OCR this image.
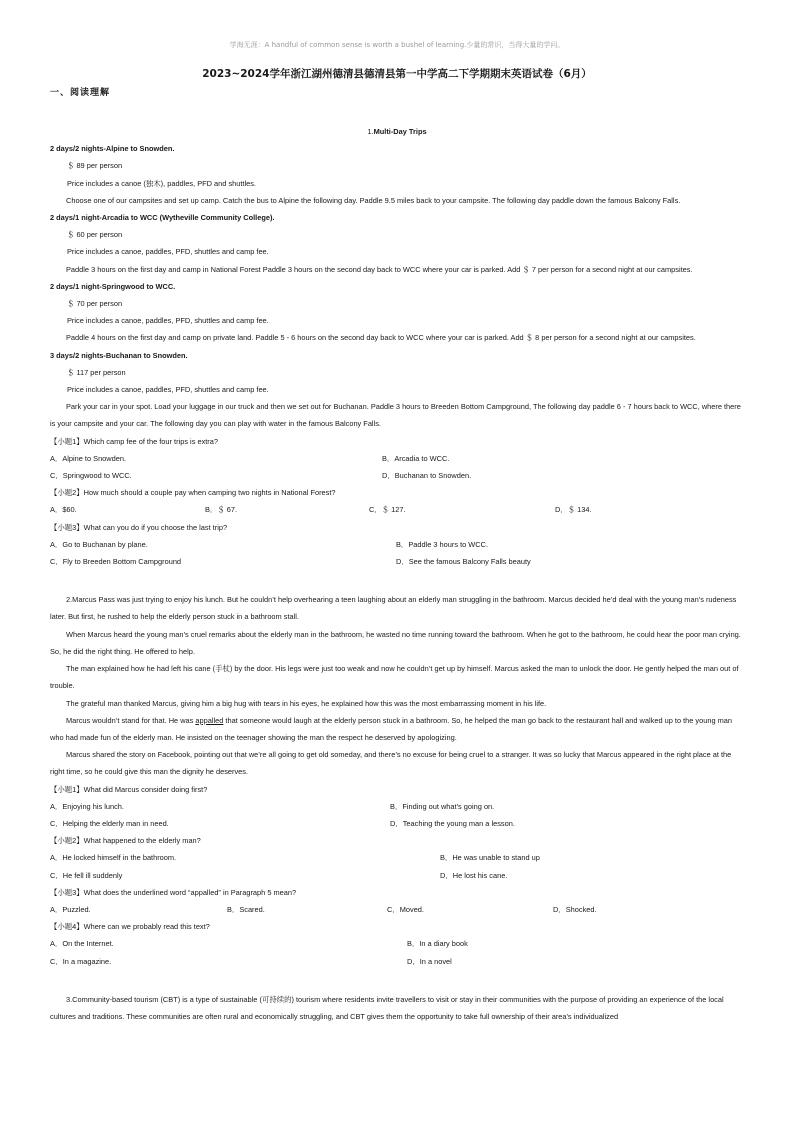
学海无涯：A handful of common sense is worth a bushel of learning.少量的常识，当得大量的学问。
2023~2024学年浙江湖州德清县德清县第一中学高二下学期期末英语试卷（6月）
一、阅读理解

1.Multi-Day Trips

2 days/2 nights-Alpine to Snowden.

＄ 89 per person

Price includes a canoe (独木), paddles, PFD and shuttles.

Choose one of our campsites and set up camp. Catch the bus to Alpine the following day. Paddle 9.5 miles back to your campsite. The following day paddle down the famous Balcony Falls.

2 days/1 night-Arcadia to WCC (Wytheville Community College).

＄ 60 per person

Price includes a canoe, paddles, PFD, shuttles and camp fee.

Paddle 3 hours on the first day and camp in National Forest Paddle 3 hours on the second day back to WCC where your car is parked. Add ＄ 7 per person for a second night at our campsites.

2 days/1 night-Springwood to WCC.

＄ 70 per person

Price includes a canoe, paddles, PFD, shuttles and camp fee.

Paddle 4 hours on the first day and camp on private land. Paddle 5 - 6 hours on the second day back to WCC where your car is parked. Add ＄ 8 per person for a second night at our campsites.

3 days/2 nights-Buchanan to Snowden.

＄ 117 per person

Price includes a canoe, paddles, PFD, shuttles and camp fee.

Park your car in your spot. Load your luggage in our truck and then we set out for Buchanan. Paddle 3 hours to Breeden Bottom Campground, The following day paddle 6 - 7 hours back to WCC, where there is your campsite and your car. The following day you can play with water in the famous Balcony Falls.

【小题1】Which camp fee of the four trips is extra?

A．Alpine to Snowden.	B．Arcadia to WCC.
C．Springwood to WCC.	D．Buchanan to Snowden.

【小题2】How much should a couple pay when camping two nights in National Forest?

A．$60.	B．＄ 67.	C．＄ 127.	D．＄ 134.

【小题3】What can you do if you choose the last trip?

A．Go to Buchanan by plane.	B．Paddle 3 hours to WCC.
C．Fly to Breeden Bottom Campground	D．See the famous Balcony Falls beauty

2.Marcus Pass was just trying to enjoy his lunch. But he couldn’t help overhearing a teen laughing about an elderly man struggling in the bathroom. Marcus decided he’d deal with the young man’s rudeness later. But first, he rushed to help the elderly person stuck in a bathroom stall.

When Marcus heard the young man’s cruel remarks about the elderly man in the bathroom, he wasted no time running toward the bathroom. When he got to the bathroom, he could hear the poor man crying. So, he did the right thing. He offered to help.

The man explained how he had left his cane (手杖) by the door. His legs were just too weak and now he couldn’t get up by himself. Marcus asked the man to unlock the door. He gently helped the man out of trouble.

The grateful man thanked Marcus, giving him a big hug with tears in his eyes, he explained how this was the most embarrassing moment in his life.

Marcus wouldn’t stand for that. He was appalled that someone would laugh at the elderly person stuck in a bathroom. So, he helped the man go back to the restaurant hall and walked up to the young man who had made fun of the elderly man. He insisted on the teenager showing the man the respect he deserved by apologizing.

Marcus shared the story on Facebook, pointing out that we’re all going to get old someday, and there’s no excuse for being cruel to a stranger. It was so lucky that Marcus appeared in the right place at the right time, so he could give this man the dignity he deserves.

【小题1】What did Marcus consider doing first?

A．Enjoying his lunch.	B．Finding out what’s going on.
C．Helping the elderly man in need.	D．Teaching the young man a lesson.

【小题2】What happened to the elderly man?

A．He locked himself in the bathroom.	B．He was unable to stand up
C．He fell ill suddenly	D．He lost his cane.

【小题3】What does the underlined word “appalled” in Paragraph 5 mean?

A．Puzzled.	B．Scared.	C．Moved.	D．Shocked.

【小题4】Where can we probably read this text?

A．On the Internet.	B．In a diary book
C．In a magazine.	D．In a novel

3.Community-based tourism (CBT) is a type of sustainable (可持续的) tourism where residents invite travellers to visit or stay in their communities with the purpose of providing an experience of the local cultures and traditions. These communities are often rural and economically struggling, and CBT gives them the opportunity to take full ownership of their area's individualized
